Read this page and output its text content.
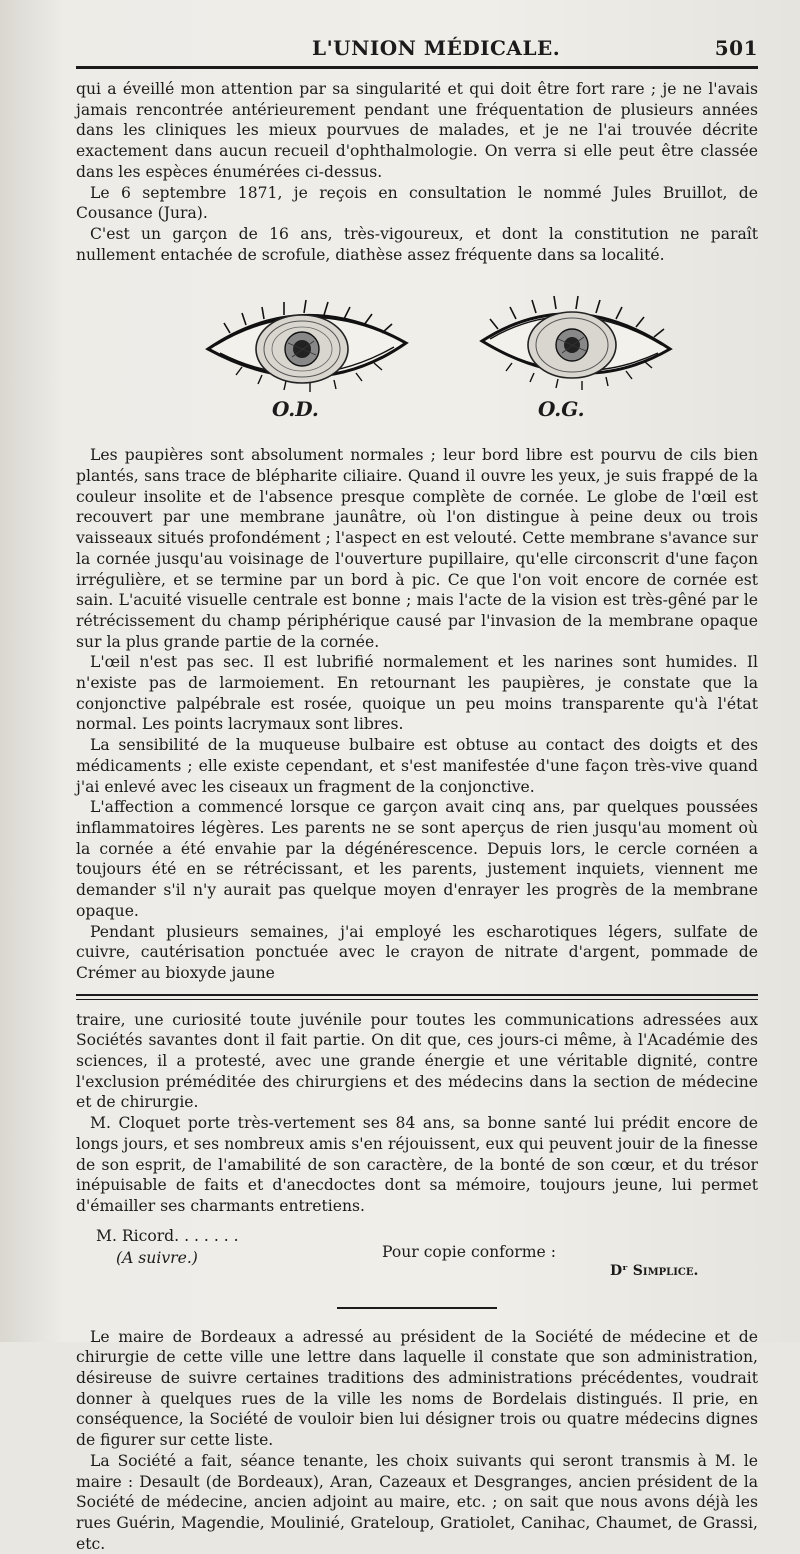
L'UNION MÉDICALE.	501

qui a éveillé mon attention par sa singularité et qui doit être fort rare ; je ne l'avais jamais rencontrée antérieurement pendant une fréquentation de plusieurs années dans les cliniques les mieux pourvues de malades, et je ne l'ai trouvée décrite exactement dans aucun recueil d'ophthalmologie. On verra si elle peut être classée dans les espèces énumérées ci-dessus.

Le 6 septembre 1871, je reçois en consultation le nommé Jules Bruillot, de Cousance (Jura).

C'est un garçon de 16 ans, très-vigoureux, et dont la constitution ne paraît nullement entachée de scrofule, diathèse assez fréquente dans sa localité.

O.D.	O.G.

Les paupières sont absolument normales ; leur bord libre est pourvu de cils bien plantés, sans trace de blépharite ciliaire. Quand il ouvre les yeux, je suis frappé de la couleur insolite et de l'absence presque complète de cornée. Le globe de l'œil est recouvert par une membrane jaunâtre, où l'on distingue à peine deux ou trois vaisseaux situés profondément ; l'aspect en est velouté. Cette membrane s'avance sur la cornée jusqu'au voisinage de l'ouverture pupillaire, qu'elle circonscrit d'une façon irrégulière, et se termine par un bord à pic. Ce que l'on voit encore de cornée est sain. L'acuité visuelle centrale est bonne ; mais l'acte de la vision est très-gêné par le rétrécissement du champ périphérique causé par l'invasion de la membrane opaque sur la plus grande partie de la cornée.

L'œil n'est pas sec. Il est lubrifié normalement et les narines sont humides. Il n'existe pas de larmoiement. En retournant les paupières, je constate que la conjonctive palpébrale est rosée, quoique un peu moins transparente qu'à l'état normal. Les points lacrymaux sont libres.

La sensibilité de la muqueuse bulbaire est obtuse au contact des doigts et des médicaments ; elle existe cependant, et s'est manifestée d'une façon très-vive quand j'ai enlevé avec les ciseaux un fragment de la conjonctive.

L'affection a commencé lorsque ce garçon avait cinq ans, par quelques poussées inflammatoires légères. Les parents ne se sont aperçus de rien jusqu'au moment où la cornée a été envahie par la dégénérescence. Depuis lors, le cercle cornéen a toujours été en se rétrécissant, et les parents, justement inquiets, viennent me demander s'il n'y aurait pas quelque moyen d'enrayer les progrès de la membrane opaque.

Pendant plusieurs semaines, j'ai employé les escharotiques légers, sulfate de cuivre, cautérisation ponctuée avec le crayon de nitrate d'argent, pommade de Crémer au bioxyde jaune

traire, une curiosité toute juvénile pour toutes les communications adressées aux Sociétés savantes dont il fait partie. On dit que, ces jours-ci même, à l'Académie des sciences, il a protesté, avec une grande énergie et une véritable dignité, contre l'exclusion préméditée des chirurgiens et des médecins dans la section de médecine et de chirurgie.

M. Cloquet porte très-vertement ses 84 ans, sa bonne santé lui prédit encore de longs jours, et ses nombreux amis s'en réjouissent, eux qui peuvent jouir de la finesse de son esprit, de l'amabilité de son caractère, de la bonté de son cœur, et du trésor inépuisable de faits et d'anecdoctes dont sa mémoire, toujours jeune, lui permet d'émailler ses charmants entretiens.

M. Ricord. . . . . . .
(A suivre.)	Pour copie conforme :
Dʳ Simplice.

Le maire de Bordeaux a adressé au président de la Société de médecine et de chirurgie de cette ville une lettre dans laquelle il constate que son administration, désireuse de suivre certaines traditions des administrations précédentes, voudrait donner à quelques rues de la ville les noms de Bordelais distingués. Il prie, en conséquence, la Société de vouloir bien lui désigner trois ou quatre médecins dignes de figurer sur cette liste.

La Société a fait, séance tenante, les choix suivants qui seront transmis à M. le maire : Desault (de Bordeaux), Aran, Cazeaux et Desgranges, ancien président de la Société de médecine, ancien adjoint au maire, etc. ; on sait que nous avons déjà les rues Guérin, Magendie, Moulinié, Grateloup, Gratiolet, Canihac, Chaumet, de Grassi, etc.
